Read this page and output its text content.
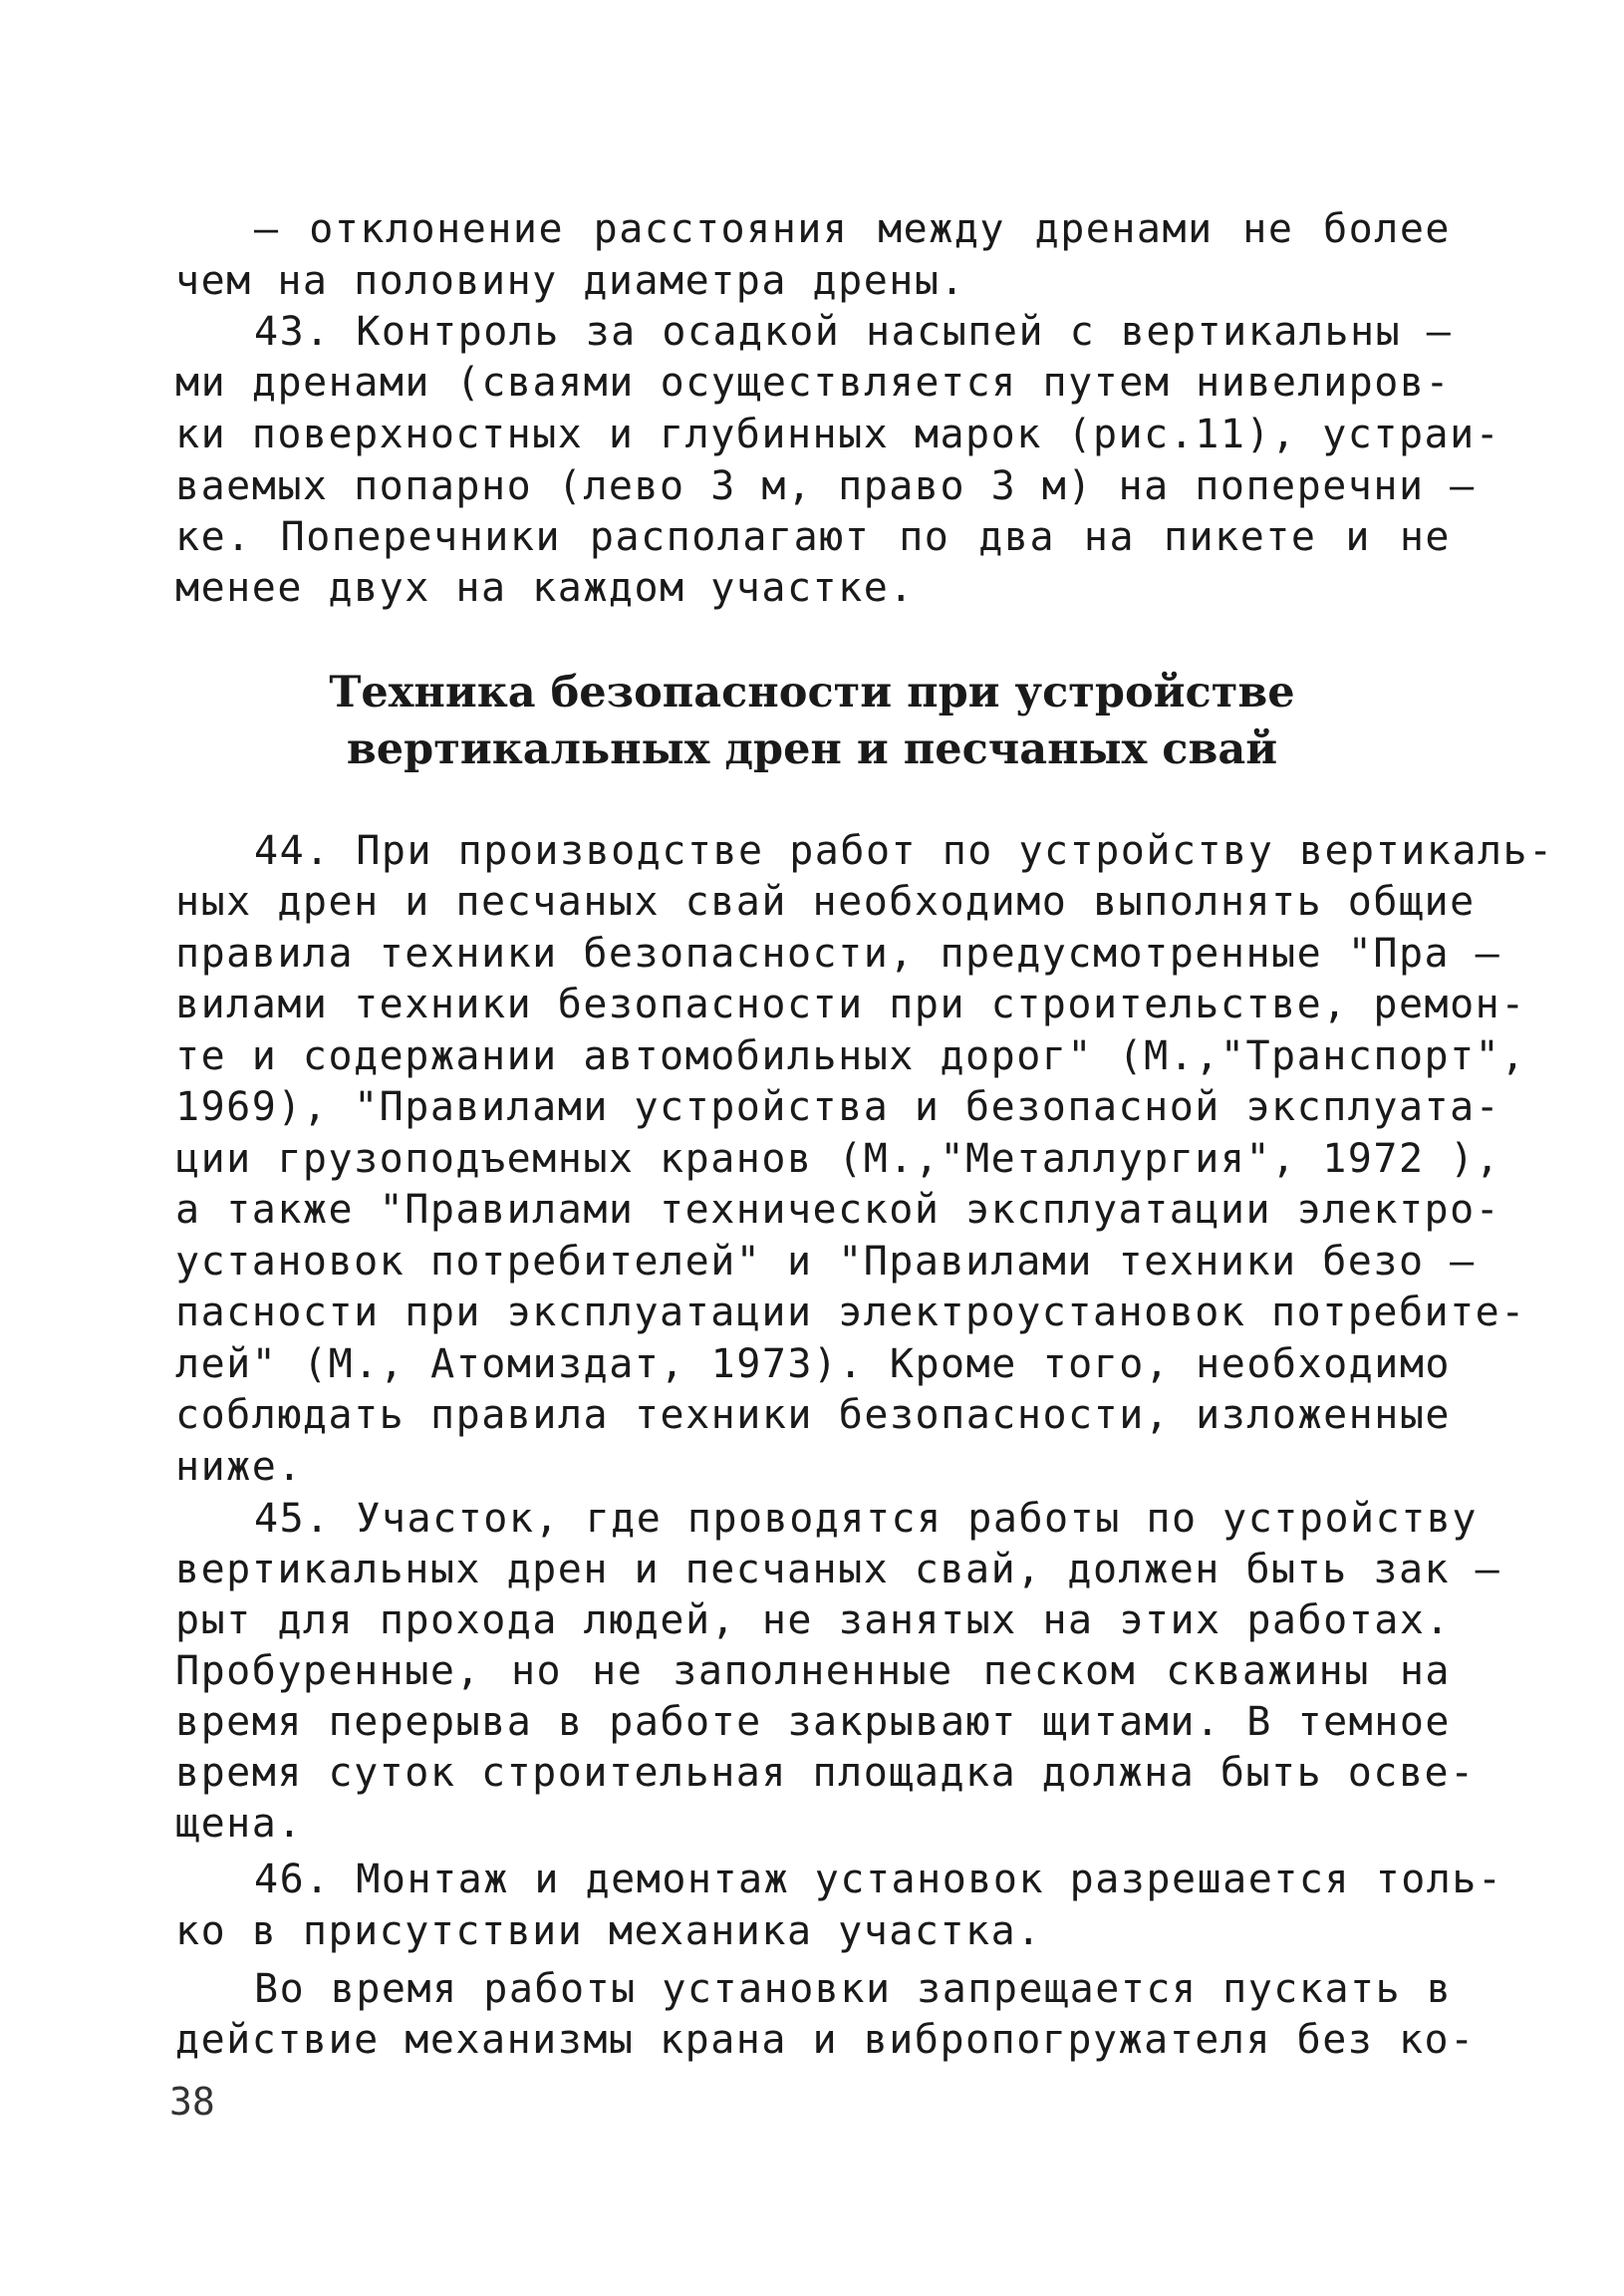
– отклонение расстояния между дренами не более
чем на половину диаметра дрены.
43. Контроль за осадкой насыпей с вертикальны –
ми дренами (сваями осуществляется путем нивелиров-
ки поверхностных и глубинных марок (рис.11), устраи-
ваемых попарно (лево 3 м, право 3 м) на поперечни –
ке. Поперечники располагают по два на пикете и не
менее двух на каждом участке.
Техника безопасности при устройстве
вертикальных дрен и песчаных свай
44. При производстве работ по устройству вертикаль-
ных дрен и песчаных свай необходимо выполнять общие
правила техники безопасности, предусмотренные "Пра –
вилами техники безопасности при строительстве, ремон-
те и содержании автомобильных дорог" (М.,"Транспорт",
1969), "Правилами устройства и безопасной эксплуата-
ции грузоподъемных кранов (М.,"Металлургия", 1972 ),
а также "Правилами технической эксплуатации электро-
установок потребителей" и "Правилами техники безо –
пасности при эксплуатации электроустановок потребите-
лей" (М., Атомиздат, 1973). Кроме того, необходимо
соблюдать правила техники безопасности, изложенные
ниже.
45. Участок, где проводятся работы по устройству
вертикальных дрен и песчаных свай, должен быть зак –
рыт для прохода людей, не занятых на этих работах.
Пробуренные, но не заполненные песком скважины на
время перерыва в работе закрывают щитами. В темное
время суток строительная площадка должна быть осве-
щена.
46. Монтаж и демонтаж установок разрешается толь-
ко в присутствии механика участка.
Во время работы установки запрещается пускать в
действие механизмы крана и вибропогружателя без ко-
38
